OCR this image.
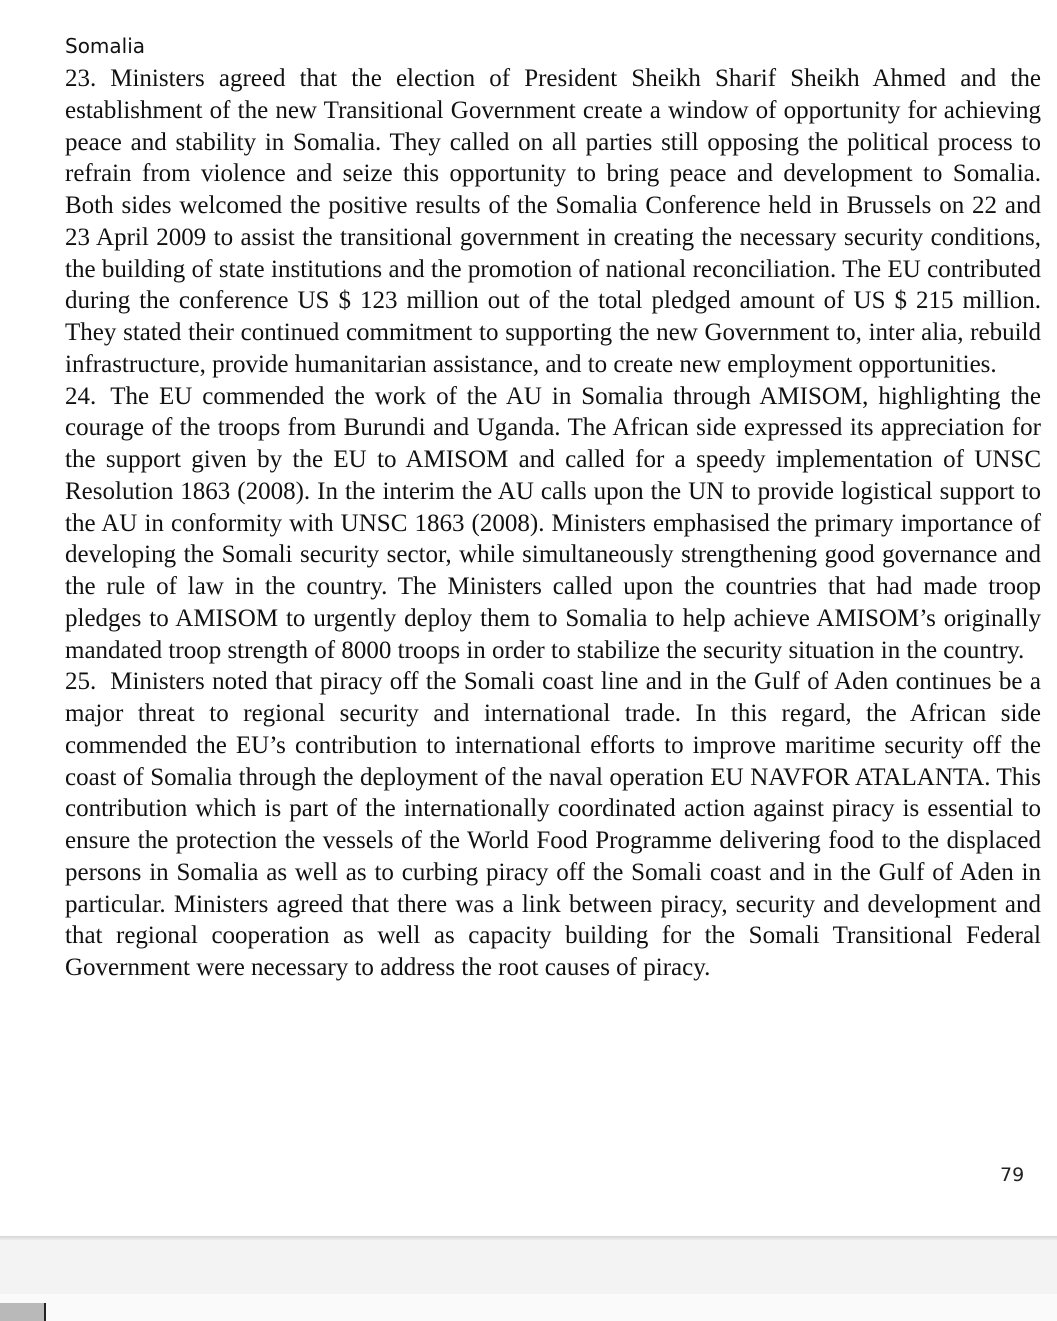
Somalia

23. Ministers agreed that the election of President Sheikh Sharif Sheikh Ahmed and the establishment of the new Transitional Government create a window of opportunity for achieving peace and stability in Somalia. They called on all parties still opposing the political process to refrain from violence and seize this opportunity to bring peace and development to Somalia. Both sides welcomed the positive results of the Somalia Conference held in Brussels on 22 and 23 April 2009 to assist the transitional government in creating the necessary security conditions, the building of state institutions and the promotion of national reconciliation. The EU contributed during the conference US $ 123 million out of the total pledged amount of US $ 215 million. They stated their continued commitment to supporting the new Government to, inter alia, rebuild infrastructure, provide humanitarian assistance, and to create new employment opportunities.

24. The EU commended the work of the AU in Somalia through AMISOM, highlighting the courage of the troops from Burundi and Uganda. The African side expressed its appreciation for the support given by the EU to AMISOM and called for a speedy implementation of UNSC Resolution 1863 (2008). In the interim the AU calls upon the UN to provide logistical support to the AU in conformity with UNSC 1863 (2008). Ministers emphasised the primary importance of developing the Somali security sector, while simultaneously strengthening good governance and the rule of law in the country. The Ministers called upon the countries that had made troop pledges to AMISOM to urgently deploy them to Somalia to help achieve AMISOM’s originally mandated troop strength of 8000 troops in order to stabilize the security situation in the country.

25. Ministers noted that piracy off the Somali coast line and in the Gulf of Aden continues be a major threat to regional security and international trade. In this regard, the African side commended the EU’s contribution to international efforts to improve maritime security off the coast of Somalia through the deployment of the naval operation EU NAVFOR ATALANTA. This contribution which is part of the internationally coordinated action against piracy is essential to ensure the protection the vessels of the World Food Programme delivering food to the displaced persons in Somalia as well as to curbing piracy off the Somali coast and in the Gulf of Aden in particular. Ministers agreed that there was a link between piracy, security and development and that regional cooperation as well as capacity building for the Somali Transitional Federal Government were necessary to address the root causes of piracy.

79
